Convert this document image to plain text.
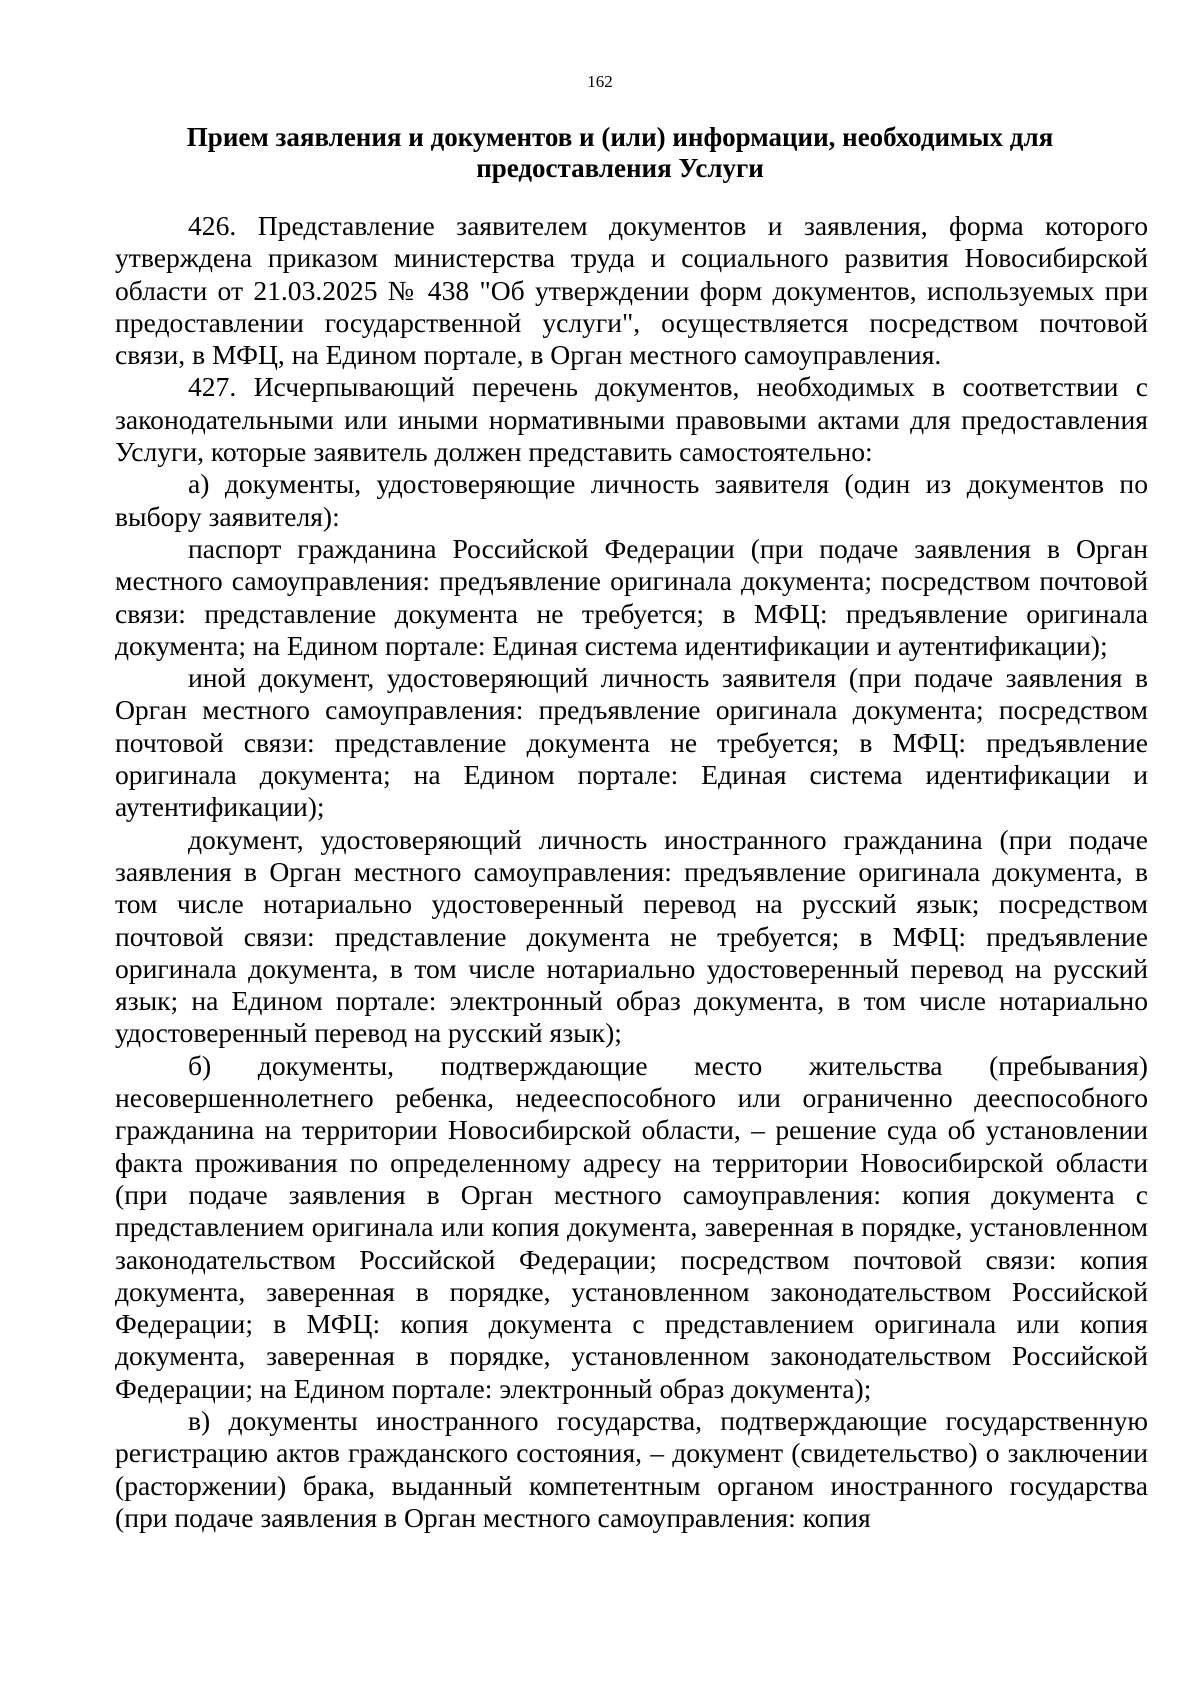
162
Прием заявления и документов и (или) информации, необходимых для
предоставления Услуги

426. Представление заявителем документов и заявления, форма которого утверждена приказом министерства труда и социального развития Новосибирской области от 21.03.2025 № 438 "Об утверждении форм документов, используемых при предоставлении государственной услуги", осуществляется посредством почтовой связи, в МФЦ, на Едином портале, в Орган местного самоуправления.

427. Исчерпывающий перечень документов, необходимых в соответствии с законодательными или иными нормативными правовыми актами для предоставления Услуги, которые заявитель должен представить самостоятельно:

а) документы, удостоверяющие личность заявителя (один из документов по выбору заявителя):

паспорт гражданина Российской Федерации (при подаче заявления в Орган местного самоуправления: предъявление оригинала документа; посредством почтовой связи: представление документа не требуется; в МФЦ: предъявление оригинала документа; на Едином портале: Единая система идентификации и аутентификации);

иной документ, удостоверяющий личность заявителя (при подаче заявления в Орган местного самоуправления: предъявление оригинала документа; посредством почтовой связи: представление документа не требуется; в МФЦ: предъявление оригинала документа; на Едином портале: Единая система идентификации и аутентификации);

документ, удостоверяющий личность иностранного гражданина (при подаче заявления в Орган местного самоуправления: предъявление оригинала документа, в том числе нотариально удостоверенный перевод на русский язык; посредством почтовой связи: представление документа не требуется; в МФЦ: предъявление оригинала документа, в том числе нотариально удостоверенный перевод на русский язык; на Едином портале: электронный образ документа, в том числе нотариально удостоверенный перевод на русский язык);

б) документы, подтверждающие место жительства (пребывания) несовершеннолетнего ребенка, недееспособного или ограниченно дееспособного гражданина на территории Новосибирской области, – решение суда об установлении факта проживания по определенному адресу на территории Новосибирской области (при подаче заявления в Орган местного самоуправления: копия документа с представлением оригинала или копия документа, заверенная в порядке, установленном законодательством Российской Федерации; посредством почтовой связи: копия документа, заверенная в порядке, установленном законодательством Российской Федерации; в МФЦ: копия документа с представлением оригинала или копия документа, заверенная в порядке, установленном законодательством Российской Федерации; на Едином портале: электронный образ документа);

в) документы иностранного государства, подтверждающие государственную регистрацию актов гражданского состояния, – документ (свидетельство) о заключении (расторжении) брака, выданный компетентным органом иностранного государства (при подаче заявления в Орган местного самоуправления: копия
